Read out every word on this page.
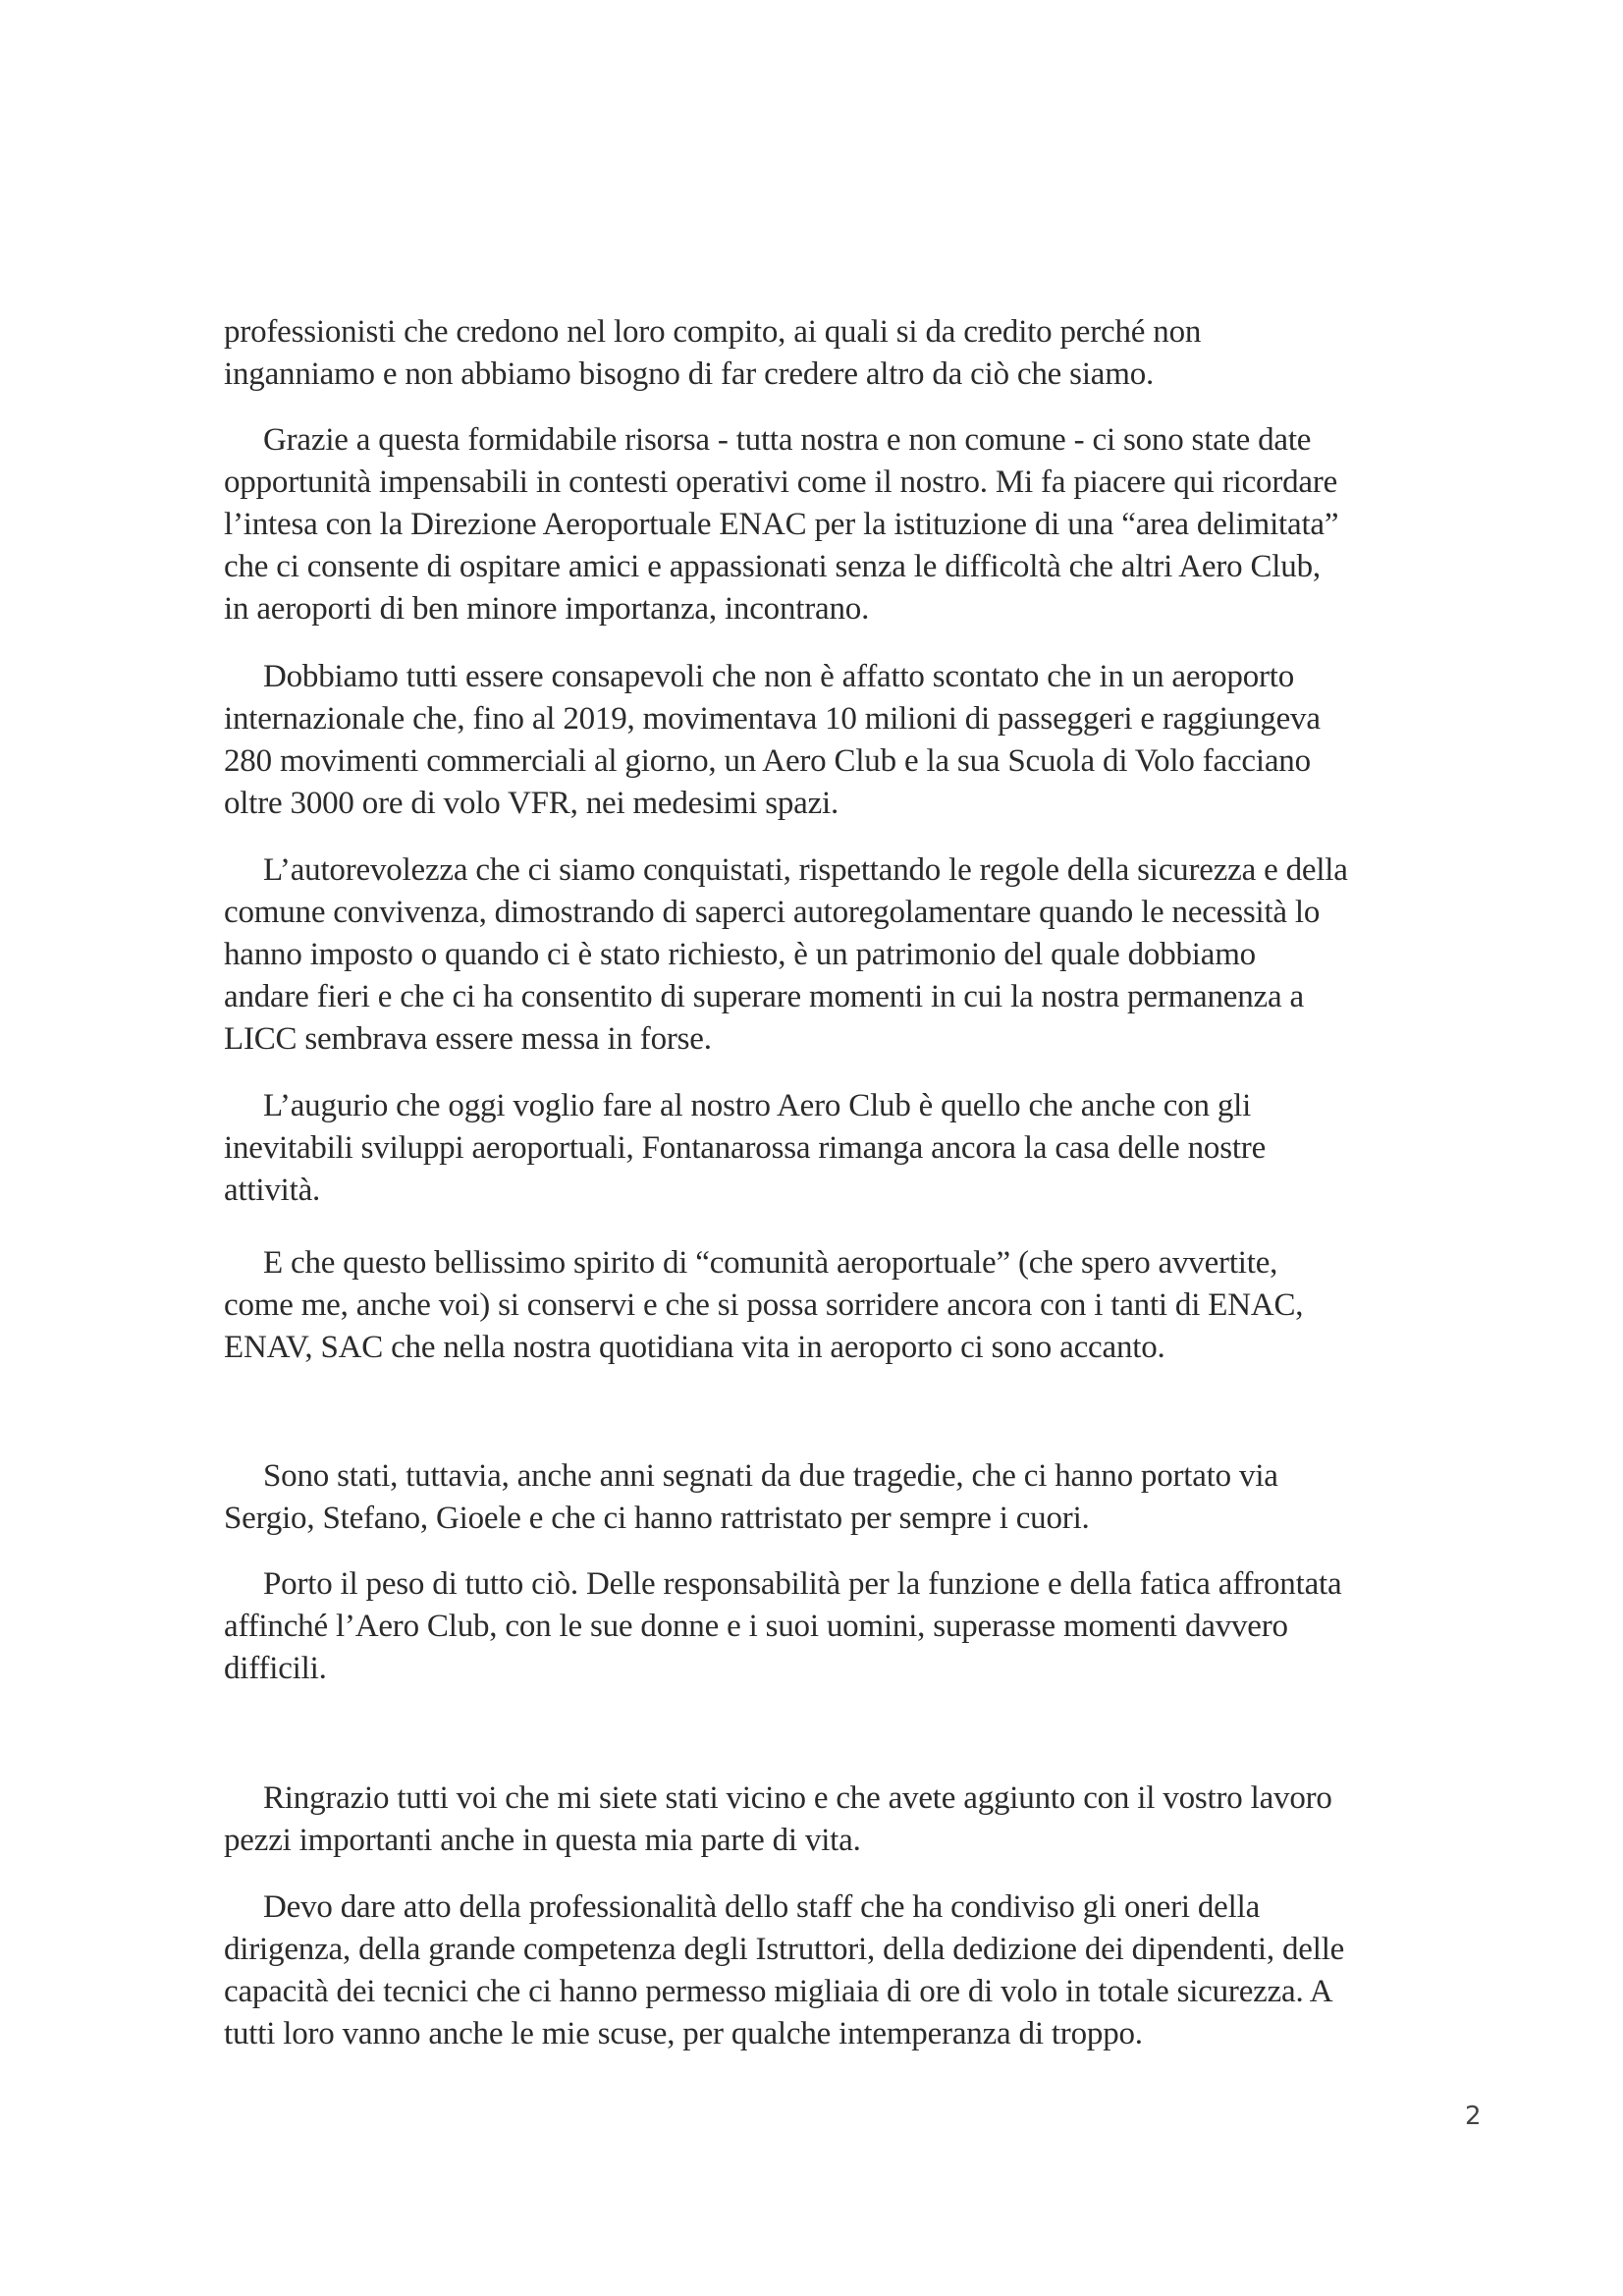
professionisti che credono nel loro compito, ai quali si da credito perché non
inganniamo e non abbiamo bisogno di far credere altro da ciò che siamo.
Grazie a questa formidabile risorsa - tutta nostra e non comune - ci sono state date
opportunità impensabili in contesti operativi come il nostro. Mi fa piacere qui ricordare
l’intesa con la Direzione Aeroportuale ENAC per la istituzione di una “area delimitata”
che ci consente di ospitare amici e appassionati senza le difficoltà che altri Aero Club,
in aeroporti di ben minore importanza, incontrano.
Dobbiamo tutti essere consapevoli che non è affatto scontato che in un aeroporto
internazionale che, fino al 2019, movimentava 10 milioni di passeggeri e raggiungeva
280 movimenti commerciali al giorno, un Aero Club e la sua Scuola di Volo facciano
oltre 3000 ore di volo VFR, nei medesimi spazi.
L’autorevolezza che ci siamo conquistati, rispettando le regole della sicurezza e della
comune convivenza, dimostrando di saperci autoregolamentare quando le necessità lo
hanno imposto o quando ci è stato richiesto, è un patrimonio del quale dobbiamo
andare fieri e che ci ha consentito di superare momenti in cui la nostra permanenza a
LICC sembrava essere messa in forse.
L’augurio che oggi voglio fare al nostro Aero Club è quello che anche con gli
inevitabili sviluppi aeroportuali, Fontanarossa rimanga ancora la casa delle nostre
attività.
E che questo bellissimo spirito di “comunità aeroportuale” (che spero avvertite,
come me, anche voi) si conservi e che si possa sorridere ancora con i tanti di ENAC,
ENAV, SAC che nella nostra quotidiana vita in aeroporto ci sono accanto.
Sono stati, tuttavia, anche anni segnati da due tragedie, che ci hanno portato via
Sergio, Stefano, Gioele e che ci hanno rattristato per sempre i cuori.
Porto il peso di tutto ciò. Delle responsabilità per la funzione e della fatica affrontata
affinché l’Aero Club, con le sue donne e i suoi uomini, superasse momenti davvero
difficili.
Ringrazio tutti voi che mi siete stati vicino e che avete aggiunto con il vostro lavoro
pezzi importanti anche in questa mia parte di vita.
Devo dare atto della professionalità dello staff che ha condiviso gli oneri della
dirigenza, della grande competenza degli Istruttori, della dedizione dei dipendenti, delle
capacità dei tecnici che ci hanno permesso migliaia di ore di volo in totale sicurezza. A
tutti loro vanno anche le mie scuse, per qualche intemperanza di troppo.
2
